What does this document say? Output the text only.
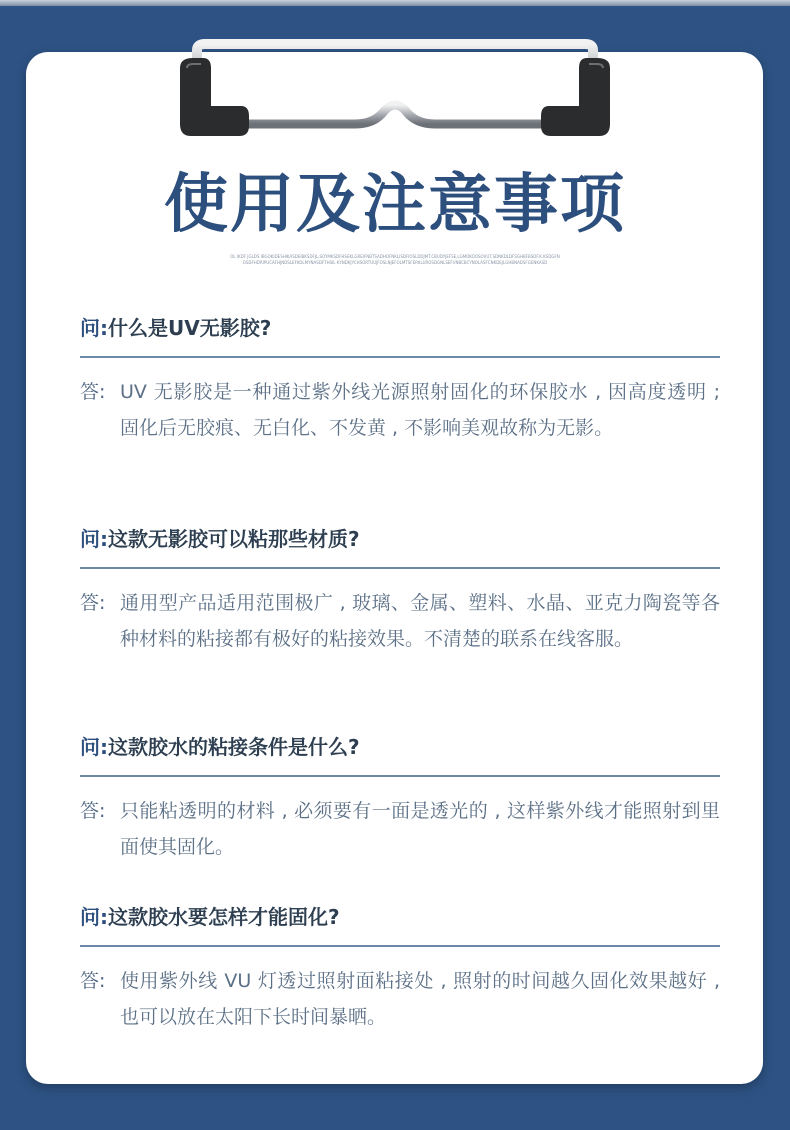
使用及注意事项
OL IKDF JGLDS IBGOKIDESHIKASDEIBKSDFJL,SOYMKSDFHSEKLGREIFNBTSADHOFNKLISDFIOSLDDJMT.CBUDYJEFSE,LGMDKOOSOVUT.SDNKDLDFSGHBFBSDF.K.KSDGFNOSDFHDRIPUCAFHJNDSLEFKOLMYNASDFTHSIL KYNDKJYCHSORTUUJFOSLNJEFOLMTSFERKLUROSDGNLSEFVNBCBCYNOLASFCNKDEJLGHBNADSFGENKASD

问:什么是UV无影胶?

答: UV 无影胶是一种通过紫外线光源照射固化的环保胶水 , 因高度透明 ; 固化后无胶痕、无白化、不发黄 , 不影响美观故称为无影。

问:这款无影胶可以粘那些材质?

答: 通用型产品适用范围极广 , 玻璃、金属、塑料、水晶、亚克力陶瓷等各种材料的粘接都有极好的粘接效果。不清楚的联系在线客服。

问:这款胶水的粘接条件是什么?

答: 只能粘透明的材料 , 必须要有一面是透光的 , 这样紫外线才能照射到里面使其固化。

问:这款胶水要怎样才能固化?

答: 使用紫外线 VU 灯透过照射面粘接处 , 照射的时间越久固化效果越好 , 也可以放在太阳下长时间暴晒。
